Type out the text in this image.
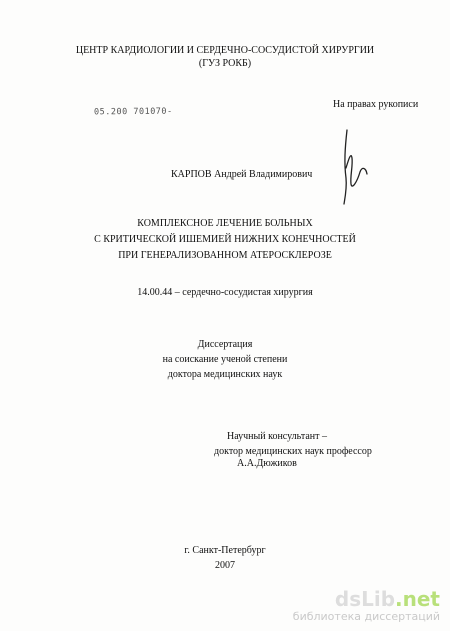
ЦЕНТР КАРДИОЛОГИИ И СЕРДЕЧНО-СОСУДИСТОЙ ХИРУРГИИ
(ГУЗ РОКБ)
05.200 701070-
На правах рукописи
КАРПОВ Андрей Владимирович
КОМПЛЕКСНОЕ ЛЕЧЕНИЕ БОЛЬНЫХ
С КРИТИЧЕСКОЙ ИШЕМИЕЙ НИЖНИХ КОНЕЧНОСТЕЙ
ПРИ ГЕНЕРАЛИЗОВАННОМ АТЕРОСКЛЕРОЗЕ
14.00.44 – сердечно-сосудистая хирургия
Диссертация
на соискание ученой степени
доктора медицинских наук
Научный консультант –
доктор медицинских наук профессор
А.А.Дюжиков
г. Санкт-Петербург
2007
dsLib.net
библиотека диссертаций
